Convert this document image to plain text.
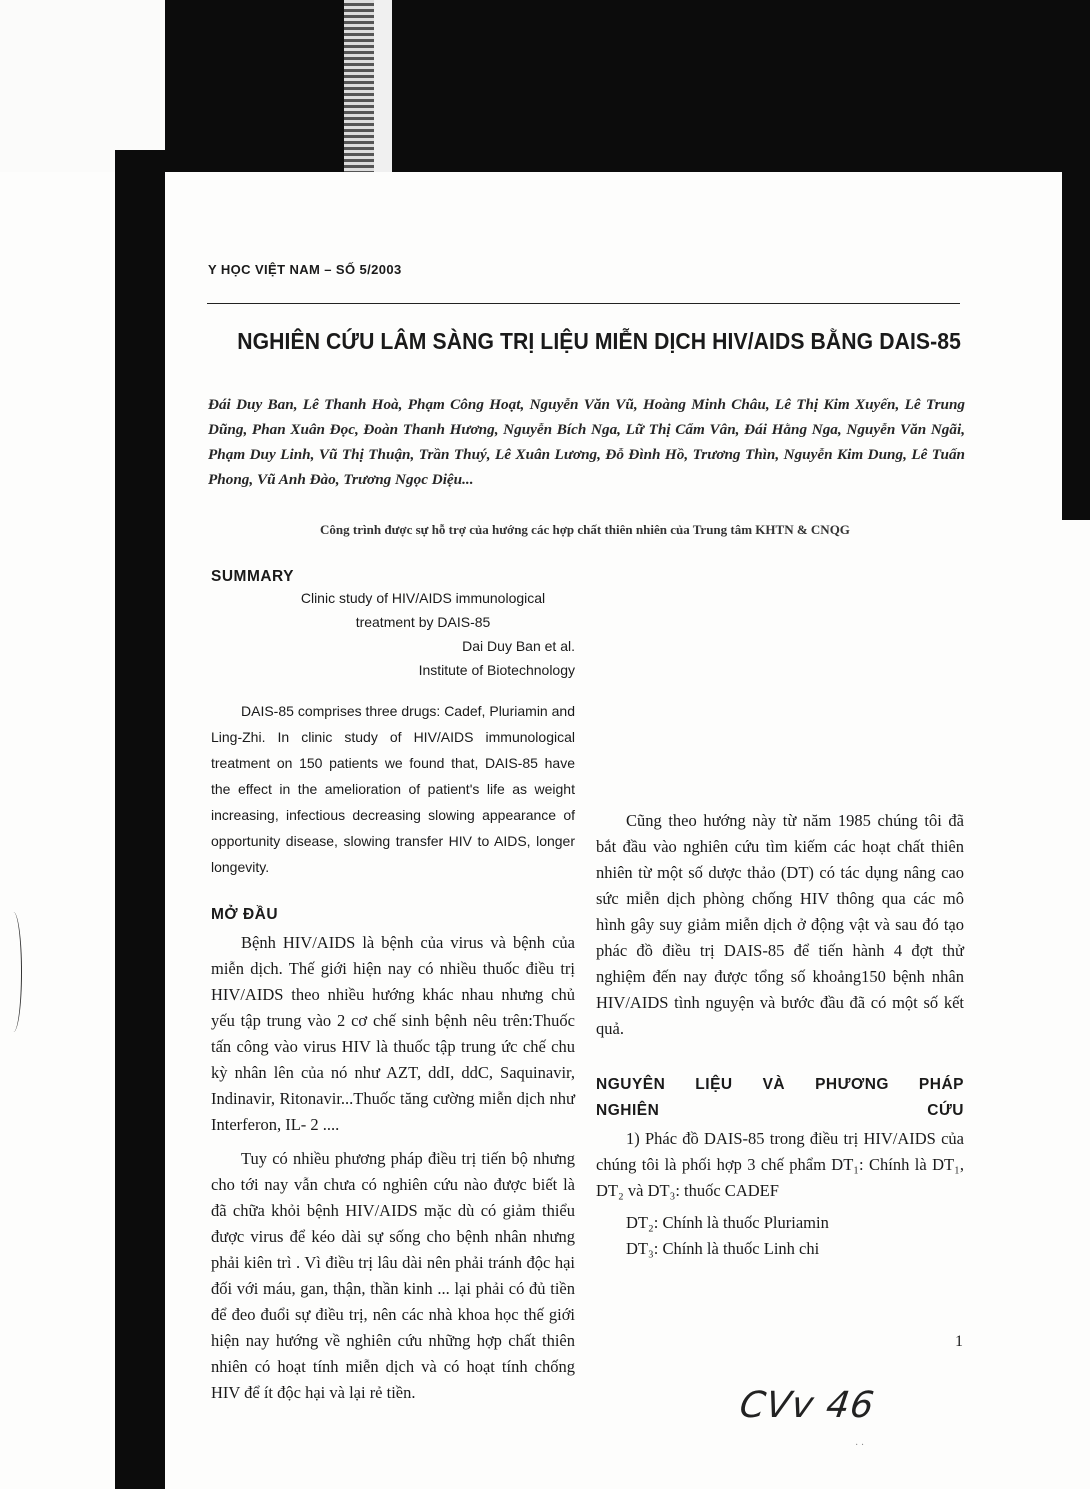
Y HỌC VIỆT NAM – SỐ 5/2003
NGHIÊN CỨU LÂM SÀNG TRỊ LIỆU MIỄN DỊCH HIV/AIDS BẰNG DAIS-85
Đái Duy Ban, Lê Thanh Hoà, Phạm Công Hoạt, Nguyễn Văn Vũ, Hoàng Minh Châu, Lê Thị Kim Xuyến, Lê Trung Dũng, Phan Xuân Đọc, Đoàn Thanh Hương, Nguyễn Bích Nga, Lữ Thị Cẩm Vân, Đái Hằng Nga, Nguyễn Văn Ngãi, Phạm Duy Linh, Vũ Thị Thuận, Trần Thuý, Lê Xuân Lương, Đỗ Đình Hồ, Trương Thìn, Nguyễn Kim Dung, Lê Tuấn Phong, Vũ Anh Đào, Trương Ngọc Diệu...
Công trình được sự hỗ trợ của hướng các hợp chất thiên nhiên của Trung tâm KHTN & CNQG
SUMMARY
Clinic study of HIV/AIDS immunological treatment by DAIS-85
Dai Duy Ban et al.
Institute of Biotechnology
DAIS-85 comprises three drugs: Cadef, Pluriamin and Ling-Zhi. In clinic study of HIV/AIDS immunological treatment on 150 patients we found that, DAIS-85 have the effect in the amelioration of patient's life as weight increasing, infectious decreasing slowing appearance of opportunity disease, slowing transfer HIV to AIDS, longer longevity.
MỞ ĐẦU

Bệnh HIV/AIDS là bệnh của virus và bệnh của miễn dịch. Thế giới hiện nay có nhiều thuốc điều trị HIV/AIDS theo nhiều hướng khác nhau nhưng chủ yếu tập trung vào 2 cơ chế sinh bệnh nêu trên:Thuốc tấn công vào virus HIV là thuốc tập trung ức chế chu kỳ nhân lên của nó như AZT, ddI, ddC, Saquinavir, Indinavir, Ritonavir...Thuốc tăng cường miễn dịch như Interferon, IL- 2 ....

Tuy có nhiều phương pháp điều trị tiến bộ nhưng cho tới nay vẫn chưa có nghiên cứu nào được biết là đã chữa khỏi bệnh HIV/AIDS mặc dù có giảm thiểu được virus để kéo dài sự sống cho bệnh nhân nhưng phải kiên trì . Vì điều trị lâu dài nên phải tránh độc hại đối với máu, gan, thận, thần kinh ... lại phải có đủ tiền để đeo đuổi sự điều trị, nên các nhà khoa học thế giới hiện nay hướng về nghiên cứu những hợp chất thiên nhiên có hoạt tính miễn dịch và có hoạt tính chống HIV để ít độc hại và lại rẻ tiền.

Cũng theo hướng này từ năm 1985 chúng tôi đã bắt đầu vào nghiên cứu tìm kiếm các hoạt chất thiên nhiên từ một số dược thảo (DT) có tác dụng nâng cao sức miễn dịch phòng chống HIV thông qua các mô hình gây suy giảm miễn dịch ở động vật và sau đó tạo phác đồ điều trị DAIS-85 để tiến hành 4 đợt thử nghiệm đến nay được tổng số khoảng150 bệnh nhân HIV/AIDS tình nguyện và bước đầu đã có một số kết quả.

NGUYÊN LIỆU VÀ PHƯƠNG PHÁP NGHIÊN CỨU

1) Phác đồ DAIS-85 trong điều trị HIV/AIDS của chúng tôi là phối hợp 3 chế phẩm DT₁: Chính là DT₁, DT₂ và DT₃: thuốc CADEF

DT₂: Chính là thuốc Pluriamin

DT₃: Chính là thuốc Linh chi

1
CVv 46
· ·
